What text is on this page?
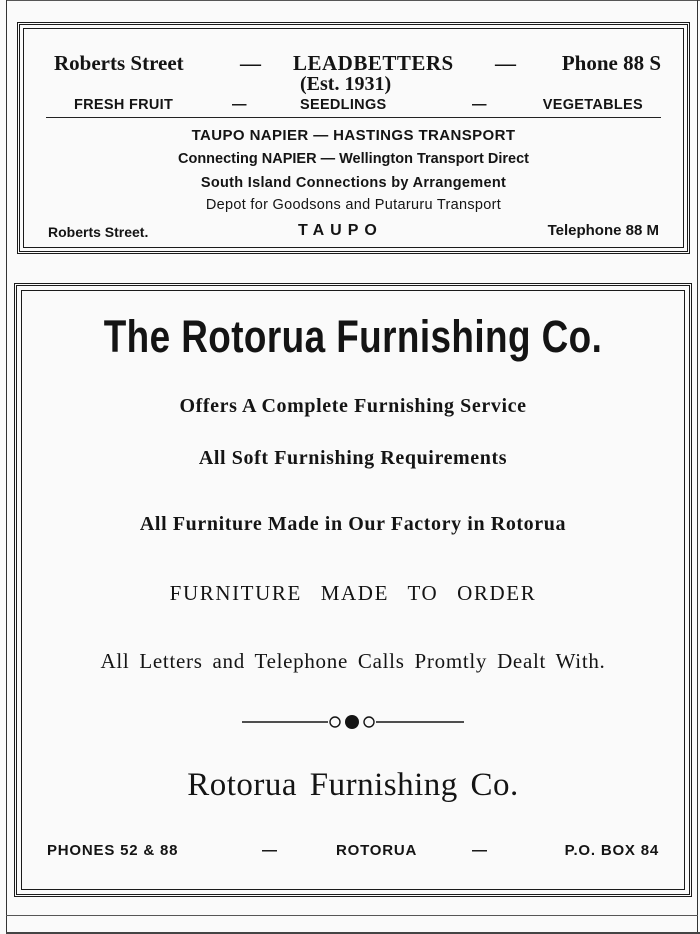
Roberts Street	— LEADBETTERS — Phone 88 S
(Est. 1931)
FRESH FRUIT	—	SEEDLINGS	—	VEGETABLES
TAUPO NAPIER — HASTINGS TRANSPORT
Connecting NAPIER — Wellington Transport Direct
South Island Connections by Arrangement
Depot for Goodsons and Putaruru Transport
Roberts Street.	TAUPO	Telephone 88 M
The Rotorua Furnishing Co.
Offers A Complete Furnishing Service
All Soft Furnishing Requirements
All Furniture Made in Our Factory in Rotorua
FURNITURE MADE TO ORDER
All Letters and Telephone Calls Promtly Dealt With.
Rotorua Furnishing Co.
PHONES 52 & 88	—	ROTORUA	—	P.O. BOX 84
